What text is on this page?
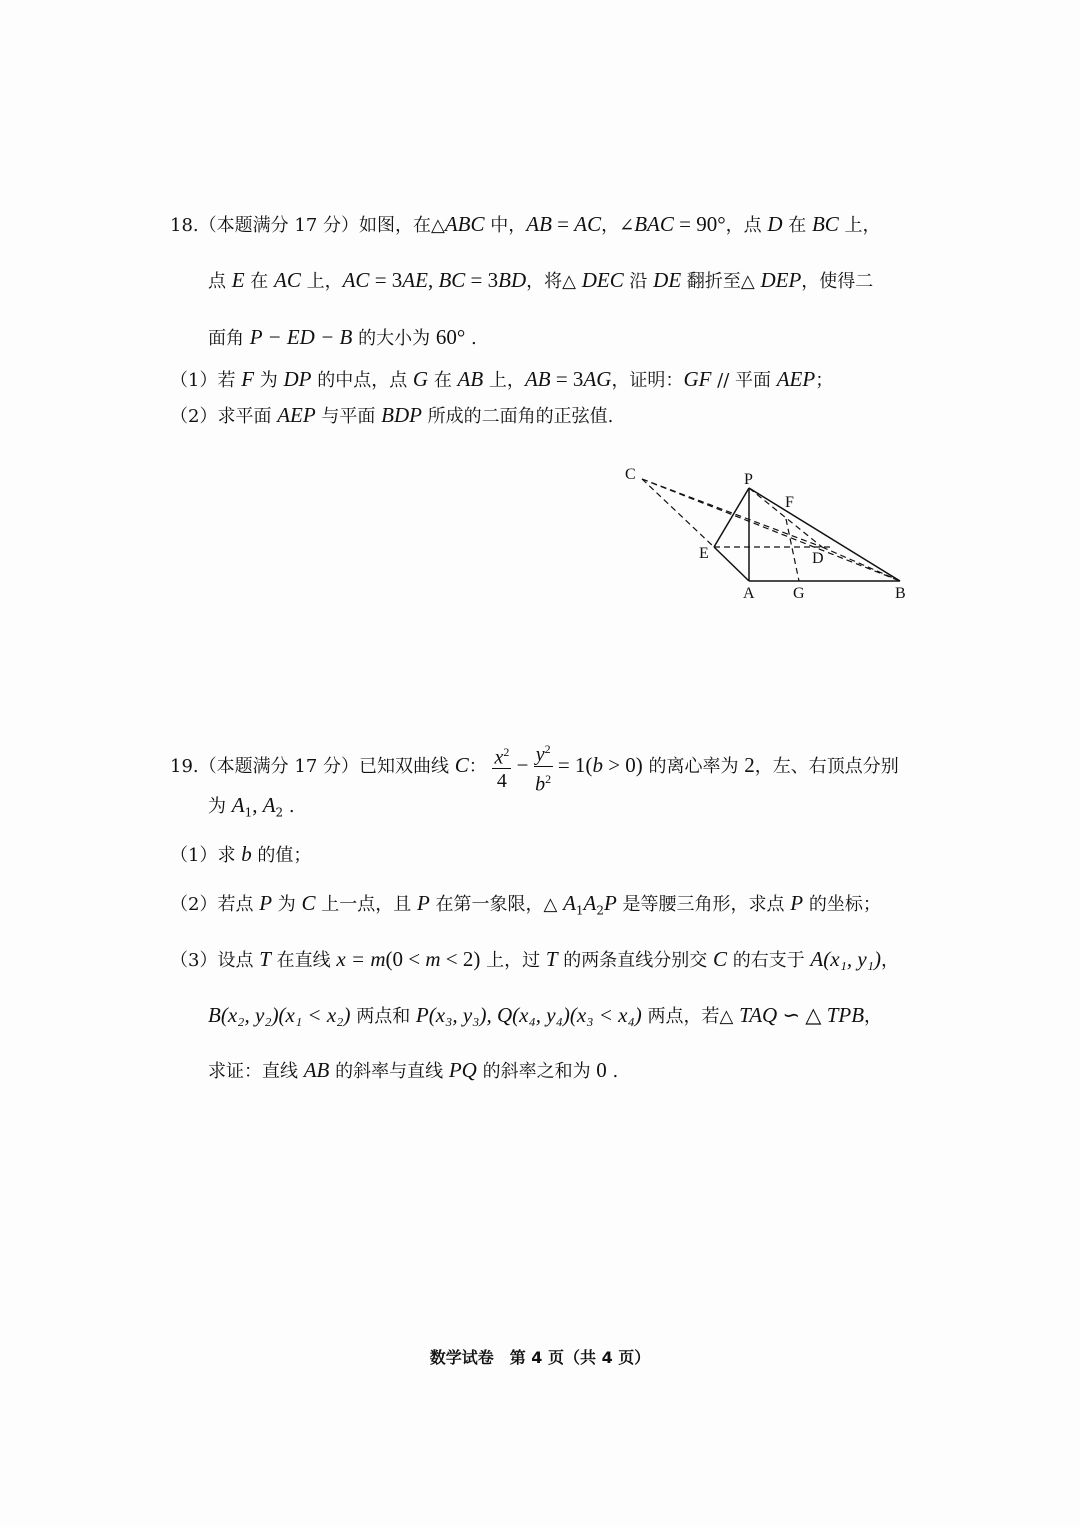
18.（本题满分 17 分）如图，在△ABC 中，AB = AC，∠BAC = 90°，点 D 在 BC 上，
点 E 在 AC 上，AC = 3AE, BC = 3BD，将△ DEC 沿 DE 翻折至△ DEP，使得二
面角 P − ED − B 的大小为 60° .
（1）若 F 为 DP 的中点，点 G 在 AB 上，AB = 3AG，证明：GF // 平面 AEP；
（2）求平面 AEP 与平面 BDP 所成的二面角的正弦值.
C	P
F
E	D
A G	B
19.（本题满分 17 分）已知双曲线 C： $\frac{x^2}{4} - \frac{y^2}{b^2} = 1(b > 0)$ 的离心率为 2，左、右顶点分别
为 $A_1$, $A_2$ .
（1）求 b 的值；
（2）若点 P 为 C 上一点，且 P 在第一象限，△ $A_1A_2P$ 是等腰三角形，求点 P 的坐标；
（3）设点 T 在直线 x = m(0 < m < 2) 上，过 T 的两条直线分别交 C 的右支于 A(x₁, y₁)，
B(x₂, y₂)(x₁ < x₂) 两点和 P(x₃, y₃), Q(x₄, y₄)(x₃ < x₄) 两点，若△ TAQ ∽ △ TPB，
求证：直线 AB 的斜率与直线 PQ 的斜率之和为 0 .
数学试卷　第 4 页（共 4 页）
